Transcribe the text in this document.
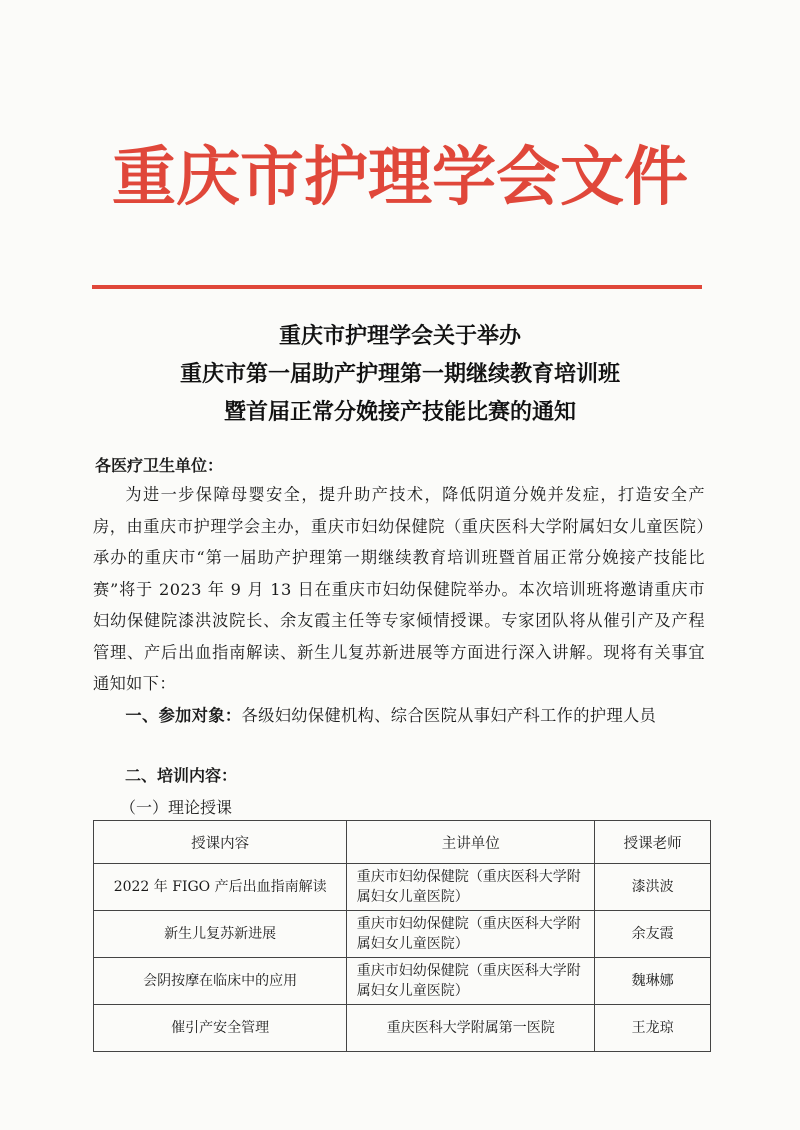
重庆市护理学会文件
重庆市护理学会关于举办
重庆市第一届助产护理第一期继续教育培训班
暨首届正常分娩接产技能比赛的通知
各医疗卫生单位：
为进一步保障母婴安全，提升助产技术，降低阴道分娩并发症，打造安全产房，由重庆市护理学会主办，重庆市妇幼保健院（重庆医科大学附属妇女儿童医院）承办的重庆市“第一届助产护理第一期继续教育培训班暨首届正常分娩接产技能比赛”将于 2023 年 9 月 13 日在重庆市妇幼保健院举办。本次培训班将邀请重庆市妇幼保健院漆洪波院长、余友霞主任等专家倾情授课。专家团队将从催引产及产程管理、产后出血指南解读、新生儿复苏新进展等方面进行深入讲解。现将有关事宜通知如下：
一、参加对象：各级妇幼保健机构、综合医院从事妇产科工作的护理人员
二、培训内容：
（一）理论授课
授课内容	主讲单位	授课老师
2022 年 FIGO 产后出血指南解读	重庆市妇幼保健院（重庆医科大学附属妇女儿童医院）	漆洪波
新生儿复苏新进展	重庆市妇幼保健院（重庆医科大学附属妇女儿童医院）	余友霞
会阴按摩在临床中的应用	重庆市妇幼保健院（重庆医科大学附属妇女儿童医院）	魏琳娜
催引产安全管理	重庆医科大学附属第一医院	王龙琼
